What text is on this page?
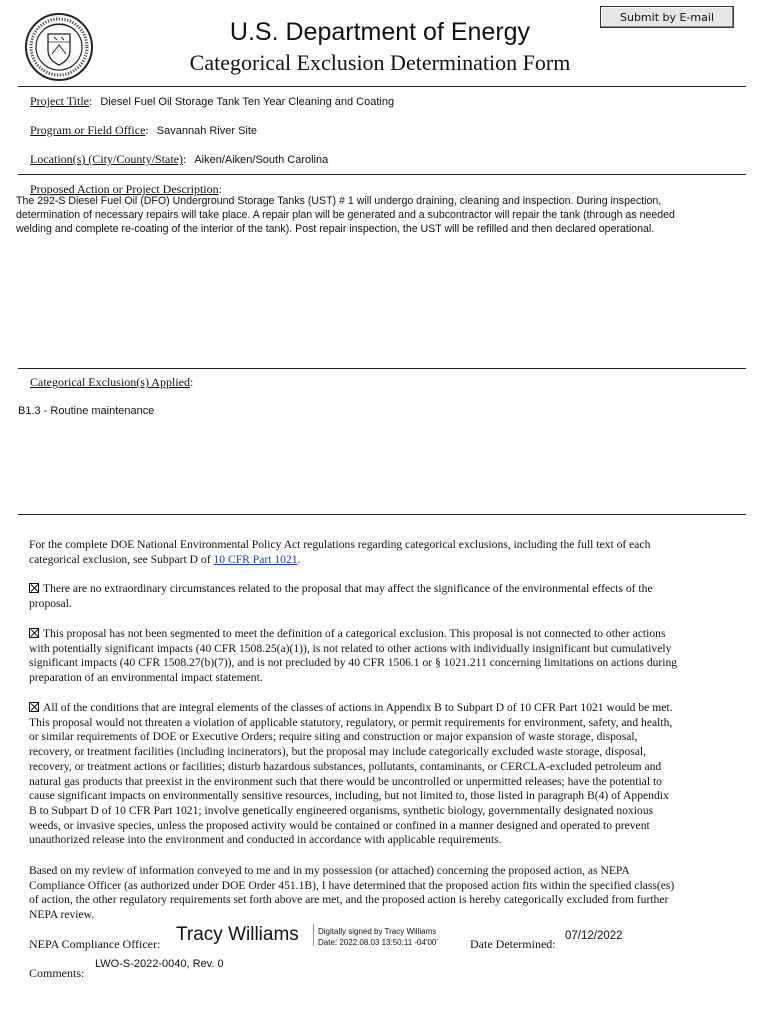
Submit by E-mail
U.S. Department of Energy
Categorical Exclusion Determination Form
Project Title: Diesel Fuel Oil Storage Tank Ten Year Cleaning and Coating
Program or Field Office: Savannah River Site
Location(s) (City/County/State): Aiken/Aiken/South Carolina
Proposed Action or Project Description:
The 292-S Diesel Fuel Oil (DFO) Underground Storage Tanks (UST) # 1 will undergo draining, cleaning and inspection. During inspection,
determination of necessary repairs will take place. A repair plan will be generated and a subcontractor will repair the tank (through as needed
welding and complete re-coating of the interior of the tank). Post repair inspection, the UST will be refilled and then declared operational.
Categorical Exclusion(s) Applied:
B1.3 - Routine maintenance
For the complete DOE National Environmental Policy Act regulations regarding categorical exclusions, including the full text of each
categorical exclusion, see Subpart D of 10 CFR Part 1021.
There are no extraordinary circumstances related to the proposal that may affect the significance of the environmental effects of the
proposal.
This proposal has not been segmented to meet the definition of a categorical exclusion. This proposal is not connected to other actions
with potentially significant impacts (40 CFR 1508.25(a)(1)), is not related to other actions with individually insignificant but cumulatively
significant impacts (40 CFR 1508.27(b)(7)), and is not precluded by 40 CFR 1506.1 or § 1021.211 concerning limitations on actions during
preparation of an environmental impact statement.
All of the conditions that are integral elements of the classes of actions in Appendix B to Subpart D of 10 CFR Part 1021 would be met.
This proposal would not threaten a violation of applicable statutory, regulatory, or permit requirements for environment, safety, and health,
or similar requirements of DOE or Executive Orders; require siting and construction or major expansion of waste storage, disposal,
recovery, or treatment facilities (including incinerators), but the proposal may include categorically excluded waste storage, disposal,
recovery, or treatment actions or facilities; disturb hazardous substances, pollutants, contaminants, or CERCLA-excluded petroleum and
natural gas products that preexist in the environment such that there would be uncontrolled or unpermitted releases; have the potential to
cause significant impacts on environmentally sensitive resources, including, but not limited to, those listed in paragraph B(4) of Appendix
B to Subpart D of 10 CFR Part 1021; involve genetically engineered organisms, synthetic biology, governmentally designated noxious
weeds, or invasive species, unless the proposed activity would be contained or confined in a manner designed and operated to prevent
unauthorized release into the environment and conducted in accordance with applicable requirements.
Based on my review of information conveyed to me and in my possession (or attached) concerning the proposed action, as NEPA
Compliance Officer (as authorized under DOE Order 451.1B), I have determined that the proposed action fits within the specified class(es)
of action, the other regulatory requirements set forth above are met, and the proposed action is hereby categorically excluded from further
NEPA review.
NEPA Compliance Officer: Tracy Williams Digitally signed by Tracy Williams
Date: 2022.08.03 13:50:11 -04'00'	Date Determined:
07/12/2022
Comments:
LWO-S-2022-0040, Rev. 0
